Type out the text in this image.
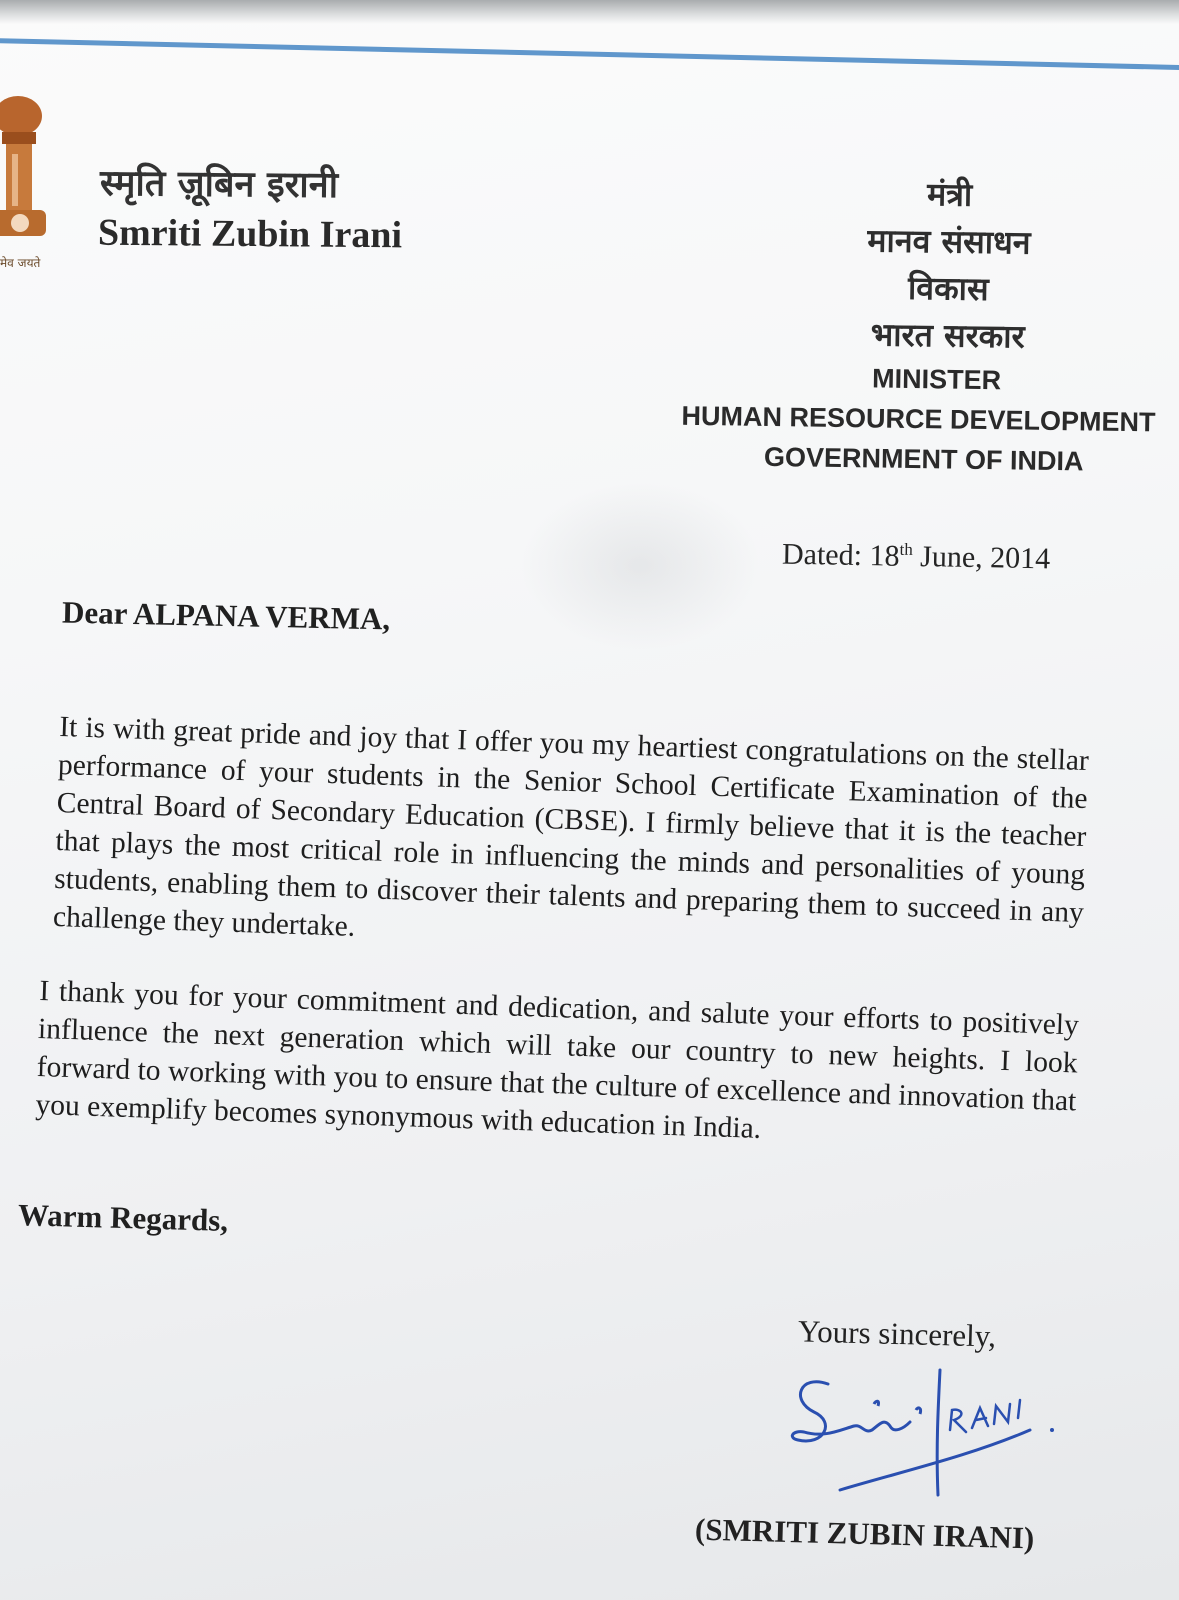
मेव जयते
स्मृति ज़ूबिन इरानी
Smriti Zubin Irani
मंत्री
मानव संसाधन
विकास
भारत सरकार
MINISTER
HUMAN RESOURCE DEVELOPMENT
GOVERNMENT OF INDIA
Dated: 18th June, 2014
Dear ALPANA VERMA,
It is with great pride and joy that I offer you my heartiest congratulations on the stellar performance of your students in the Senior School Certificate Examination of the Central Board of Secondary Education (CBSE). I firmly believe that it is the teacher that plays the most critical role in influencing the minds and personalities of young students, enabling them to discover their talents and preparing them to succeed in any challenge they undertake.
I thank you for your commitment and dedication, and salute your efforts to positively influence the next generation which will take our country to new heights. I look forward to working with you to ensure that the culture of excellence and innovation that you exemplify becomes synonymous with education in India.
Warm Regards,
Yours sincerely,
(SMRITI ZUBIN IRANI)
